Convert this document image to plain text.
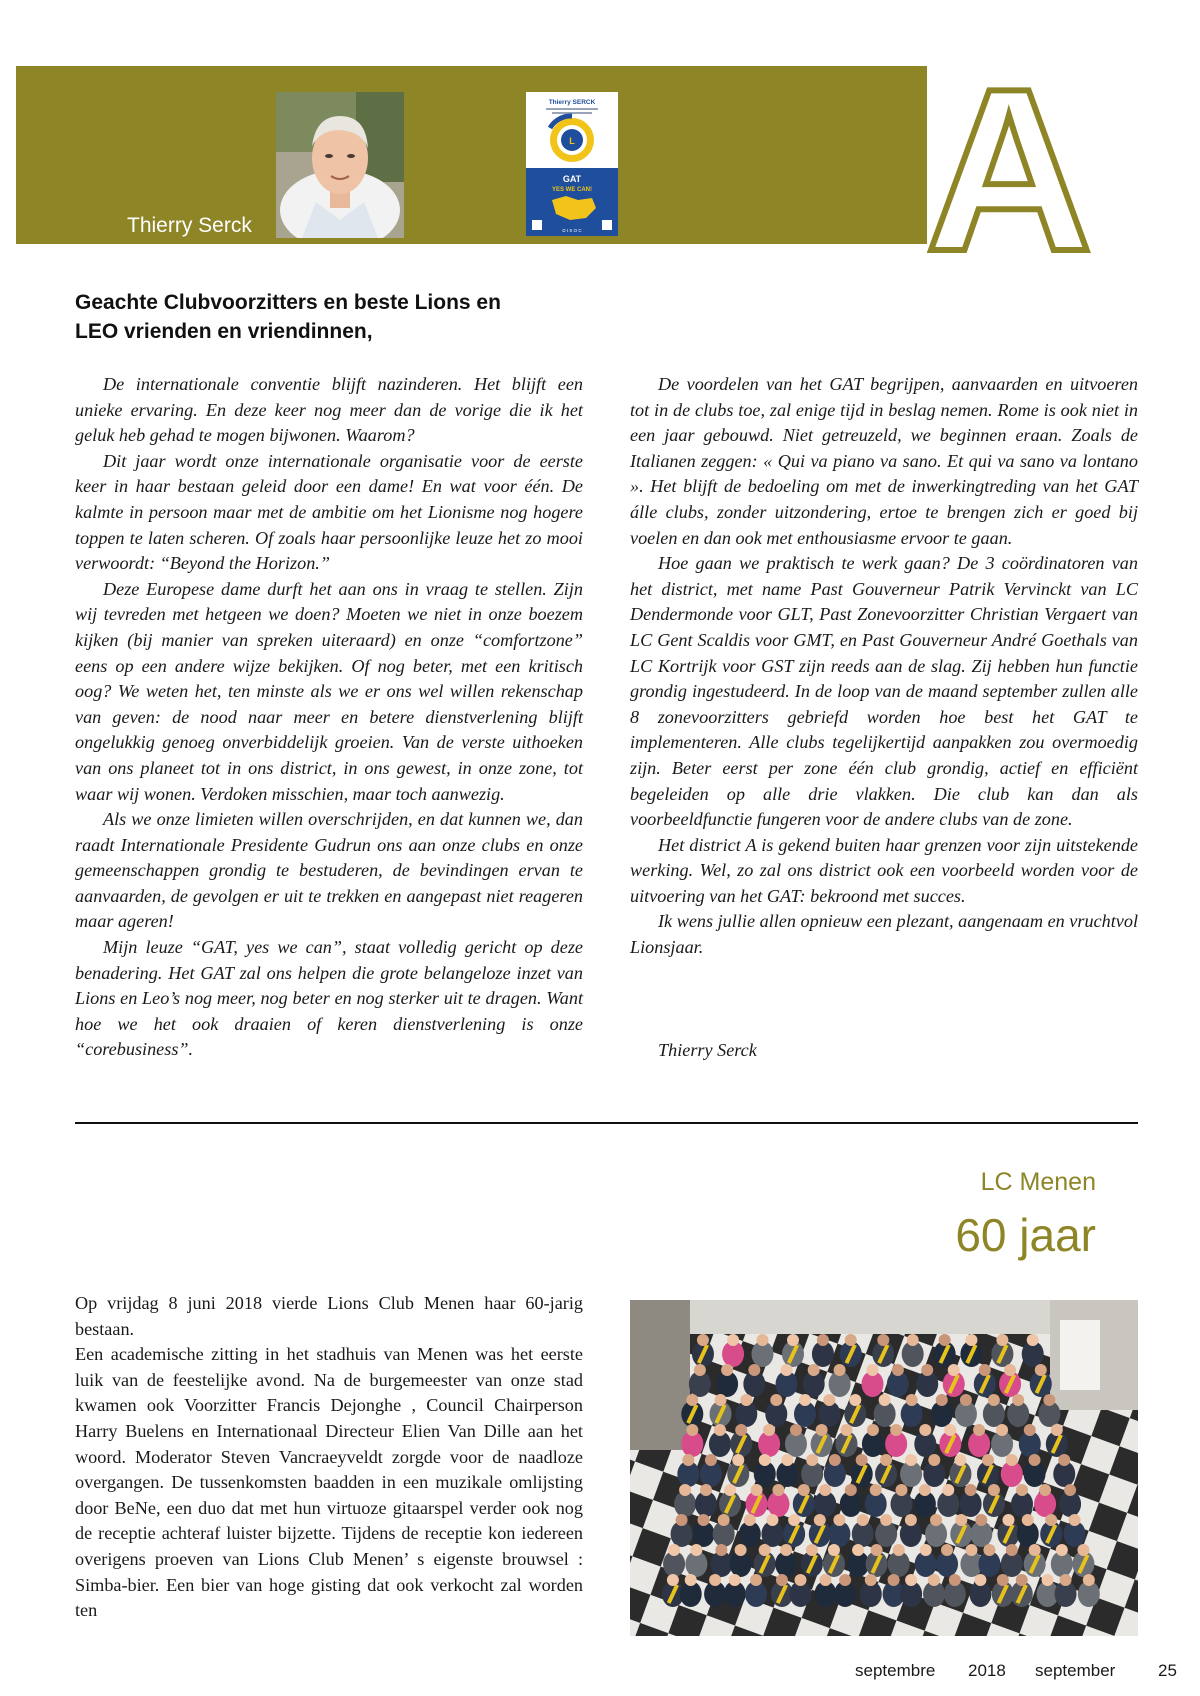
Thierry Serck
Thierry SERCK
L
GAT
YES WE CAN!
D I S O C A
Geachte Clubvoorzitters en beste Lions en
LEO vrienden en vriendinnen,

De internationale conventie blijft nazinderen. Het blijft een unieke ervaring. En deze keer nog meer dan de vorige die ik het geluk heb gehad te mogen bijwonen. Waarom?

Dit jaar wordt onze internationale organisatie voor de eerste keer in haar bestaan geleid door een dame! En wat voor één. De kalmte in persoon maar met de ambitie om het Lionisme nog hogere toppen te laten scheren. Of zoals haar persoonlijke leuze het zo mooi verwoordt: “Beyond the Horizon.”

Deze Europese dame durft het aan ons in vraag te stellen. Zijn wij tevreden met hetgeen we doen? Moeten we niet in onze boezem kijken (bij manier van spreken uiteraard) en onze “comfortzone” eens op een andere wijze bekijken. Of nog beter, met een kritisch oog? We weten het, ten minste als we er ons wel willen rekenschap van geven: de nood naar meer en betere dienstverlening blijft ongelukkig genoeg onverbiddelijk groeien. Van de verste uithoeken van ons planeet tot in ons district, in ons gewest, in onze zone, tot waar wij wonen. Verdoken misschien, maar toch aanwezig.

Als we onze limieten willen overschrijden, en dat kunnen we, dan raadt Internationale Presidente Gudrun ons aan onze clubs en onze gemeenschappen grondig te bestuderen, de bevindingen ervan te aanvaarden, de gevolgen er uit te trekken en aangepast niet reageren maar ageren!

Mijn leuze “GAT, yes we can”, staat volledig gericht op deze benadering. Het GAT zal ons helpen die grote belangeloze inzet van Lions en Leo’s nog meer, nog beter en nog sterker uit te dragen. Want hoe we het ook draaien of keren dienstverlening is onze “corebusiness”.

De voordelen van het GAT begrijpen, aanvaarden en uitvoeren tot in de clubs toe, zal enige tijd in beslag nemen. Rome is ook niet in een jaar gebouwd. Niet getreuzeld, we beginnen eraan. Zoals de Italianen zeggen: « Qui va piano va sano. Et qui va sano va lontano ». Het blijft de bedoeling om met de inwerkingtreding van het GAT álle clubs, zonder uitzondering, ertoe te brengen zich er goed bij voelen en dan ook met enthousiasme ervoor te gaan.

Hoe gaan we praktisch te werk gaan? De 3 coördinatoren van het district, met name Past Gouverneur Patrik Vervinckt van LC Dendermonde voor GLT, Past Zonevoorzitter Christian Vergaert van LC Gent Scaldis voor GMT, en Past Gouverneur André Goethals van LC Kortrijk voor GST zijn reeds aan de slag. Zij hebben hun functie grondig ingestudeerd. In de loop van de maand september zullen alle 8 zonevoorzitters gebriefd worden hoe best het GAT te implementeren. Alle clubs tegelijkertijd aanpakken zou overmoedig zijn. Beter eerst per zone één club grondig, actief en efficiënt begeleiden op alle drie vlakken. Die club kan dan als voorbeeldfunctie fungeren voor de andere clubs van de zone.

Het district A is gekend buiten haar grenzen voor zijn uitstekende werking. Wel, zo zal ons district ook een voorbeeld worden voor de uitvoering van het GAT: bekroond met succes.

Ik wens jullie allen opnieuw een plezant, aangenaam en vruchtvol Lionsjaar.

Thierry Serck
LC Menen
60 jaar

Op vrijdag 8 juni 2018 vierde Lions Club Menen haar 60-jarig bestaan.

Een academische zitting in het stadhuis van Menen was het eerste luik van de feestelijke avond. Na de burgemeester van onze stad kwamen ook Voorzitter Francis Dejonghe , Council Chairperson Harry Buelens en Internationaal Directeur Elien Van Dille aan het woord. Moderator Steven Vancraeyveldt zorgde voor de naadloze overgangen. De tussenkomsten baadden in een muzikale omlijsting door BeNe, een duo dat met hun virtuoze gitaarspel verder ook nog de receptie achteraf luister bijzette. Tijdens de receptie kon iedereen overigens proeven van Lions Club Menen’ s eigenste brouwsel : Simba-bier. Een bier van hoge gisting dat ook verkocht zal worden ten

septembre 2018 september	25
